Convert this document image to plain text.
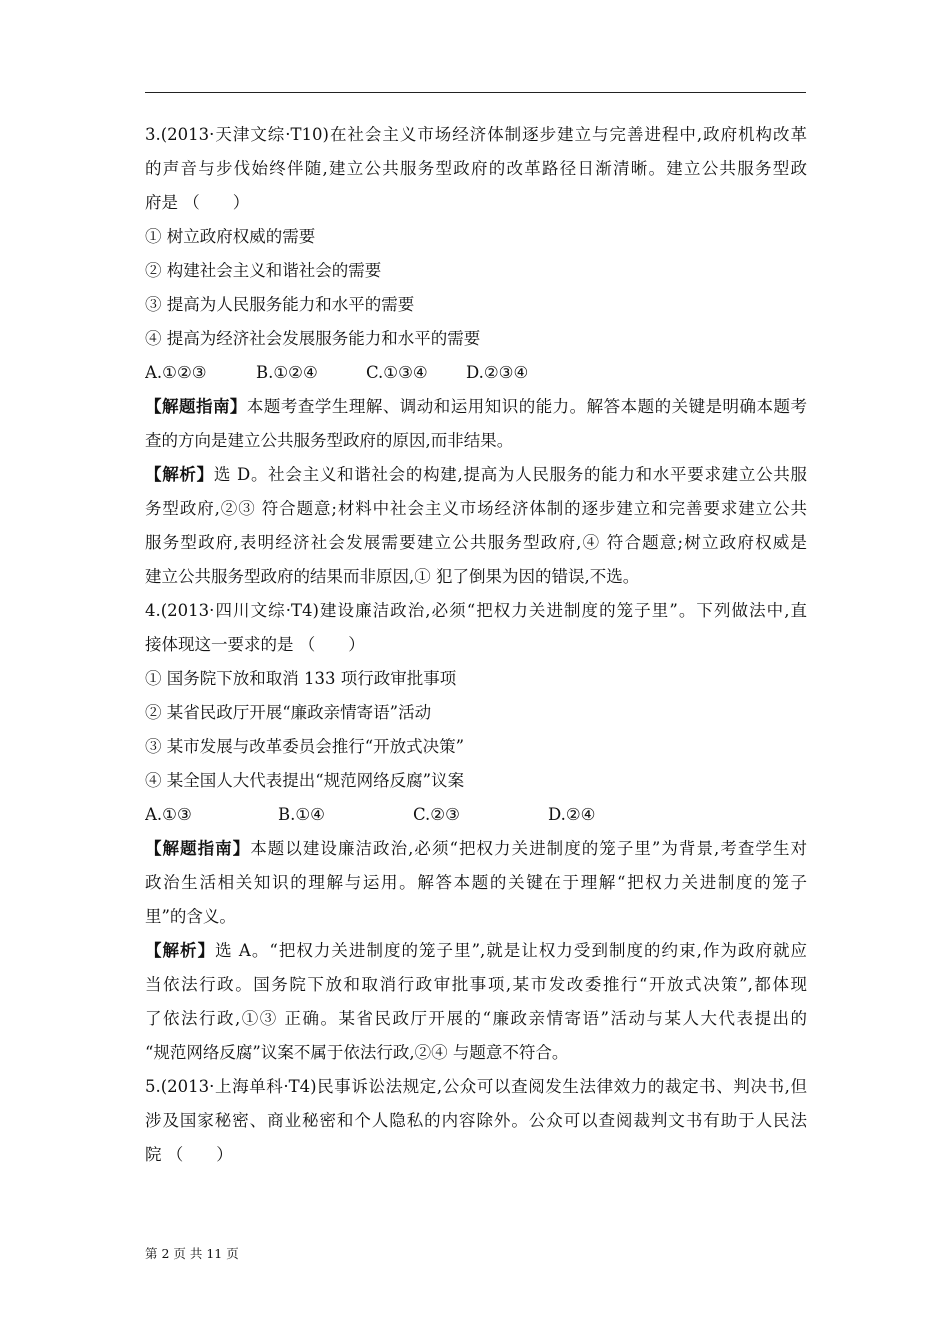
3.(2013·天津文综·T10)在社会主义市场经济体制逐步建立与完善进程中,政府机构改革
的声音与步伐始终伴随,建立公共服务型政府的改革路径日渐清晰。建立公共服务型政
府是 （　　）
① 树立政府权威的需要
② 构建社会主义和谐社会的需要
③ 提高为人民服务能力和水平的需要
④ 提高为经济社会发展服务能力和水平的需要
A.①②③	B.①②④	C.①③④	D.②③④
【解题指南】本题考查学生理解、调动和运用知识的能力。解答本题的关键是明确本题考
查的方向是建立公共服务型政府的原因,而非结果。
【解析】选 D。社会主义和谐社会的构建,提高为人民服务的能力和水平要求建立公共服
务型政府,②③ 符合题意;材料中社会主义市场经济体制的逐步建立和完善要求建立公共
服务型政府,表明经济社会发展需要建立公共服务型政府,④ 符合题意;树立政府权威是
建立公共服务型政府的结果而非原因,① 犯了倒果为因的错误,不选。
4.(2013·四川文综·T4)建设廉洁政治,必须“把权力关进制度的笼子里”。下列做法中,直
接体现这一要求的是 （　　）
① 国务院下放和取消 133 项行政审批事项
② 某省民政厅开展“廉政亲情寄语”活动
③ 某市发展与改革委员会推行“开放式决策”
④ 某全国人大代表提出“规范网络反腐”议案
A.①③	B.①④	C.②③	D.②④
【解题指南】本题以建设廉洁政治,必须“把权力关进制度的笼子里”为背景,考查学生对
政治生活相关知识的理解与运用。解答本题的关键在于理解“把权力关进制度的笼子
里”的含义。
【解析】选 A。“把权力关进制度的笼子里”,就是让权力受到制度的约束,作为政府就应
当依法行政。国务院下放和取消行政审批事项,某市发改委推行“开放式决策”,都体现
了依法行政,①③ 正确。某省民政厅开展的“廉政亲情寄语”活动与某人大代表提出的
“规范网络反腐”议案不属于依法行政,②④ 与题意不符合。
5.(2013·上海单科·T4)民事诉讼法规定,公众可以查阅发生法律效力的裁定书、判决书,但
涉及国家秘密、商业秘密和个人隐私的内容除外。公众可以查阅裁判文书有助于人民法
院 （　　）
第 2 页 共 11 页
